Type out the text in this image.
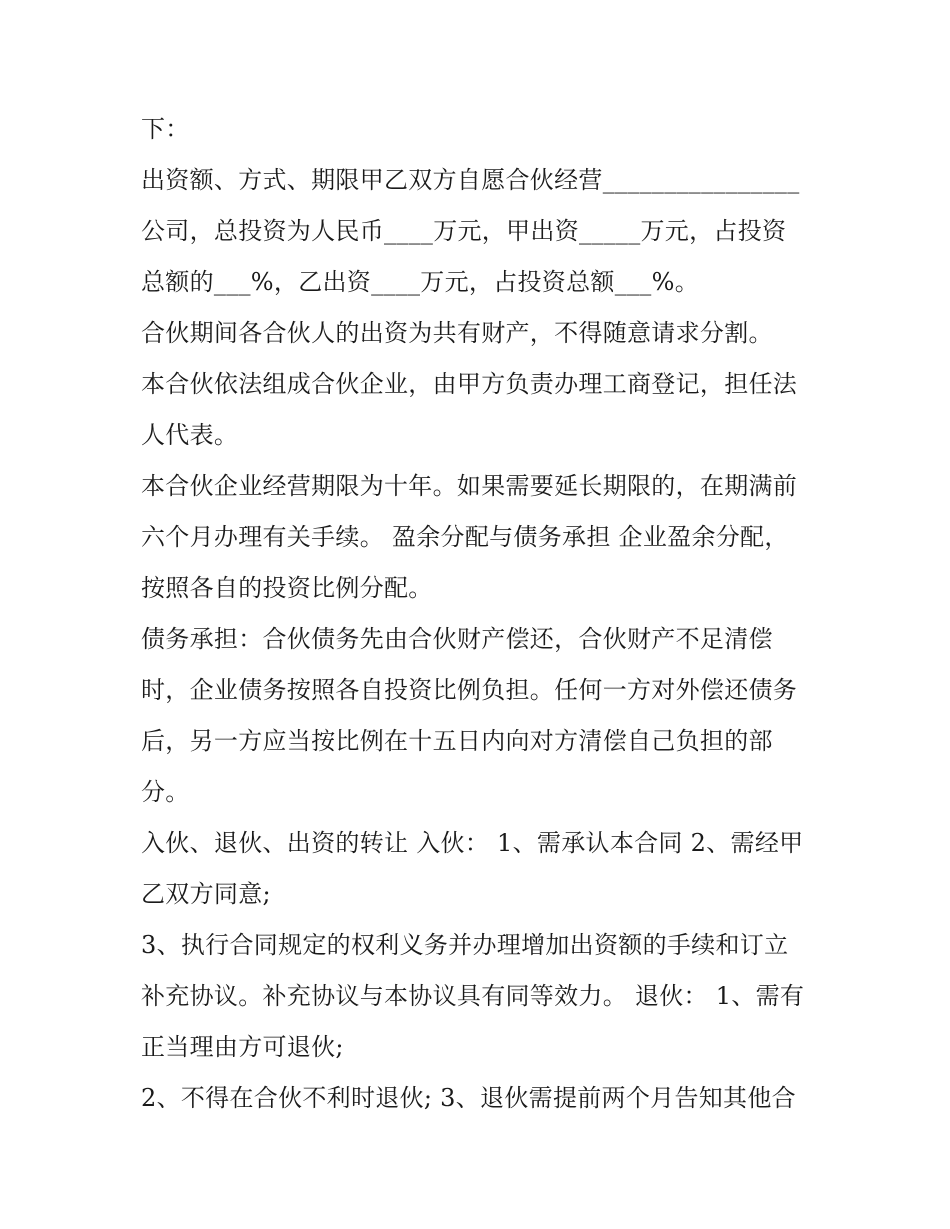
下：
出资额、方式、期限甲乙双方自愿合伙经营________________
公司，总投资为人民币____万元，甲出资_____万元，占投资
总额的___%，乙出资____万元，占投资总额___%。
合伙期间各合伙人的出资为共有财产，不得随意请求分割。
本合伙依法组成合伙企业，由甲方负责办理工商登记，担任法
人代表。
本合伙企业经营期限为十年。如果需要延长期限的，在期满前
六个月办理有关手续。 盈余分配与债务承担 企业盈余分配，
按照各自的投资比例分配。
债务承担：合伙债务先由合伙财产偿还，合伙财产不足清偿
时，企业债务按照各自投资比例负担。任何一方对外偿还债务
后，另一方应当按比例在十五日内向对方清偿自己负担的部
分。
入伙、退伙、出资的转让 入伙： 1、需承认本合同 2、需经甲
乙双方同意;
3、执行合同规定的权利义务并办理增加出资额的手续和订立
补充协议。补充协议与本协议具有同等效力。 退伙： 1、需有
正当理由方可退伙;
2、不得在合伙不利时退伙; 3、退伙需提前两个月告知其他合
